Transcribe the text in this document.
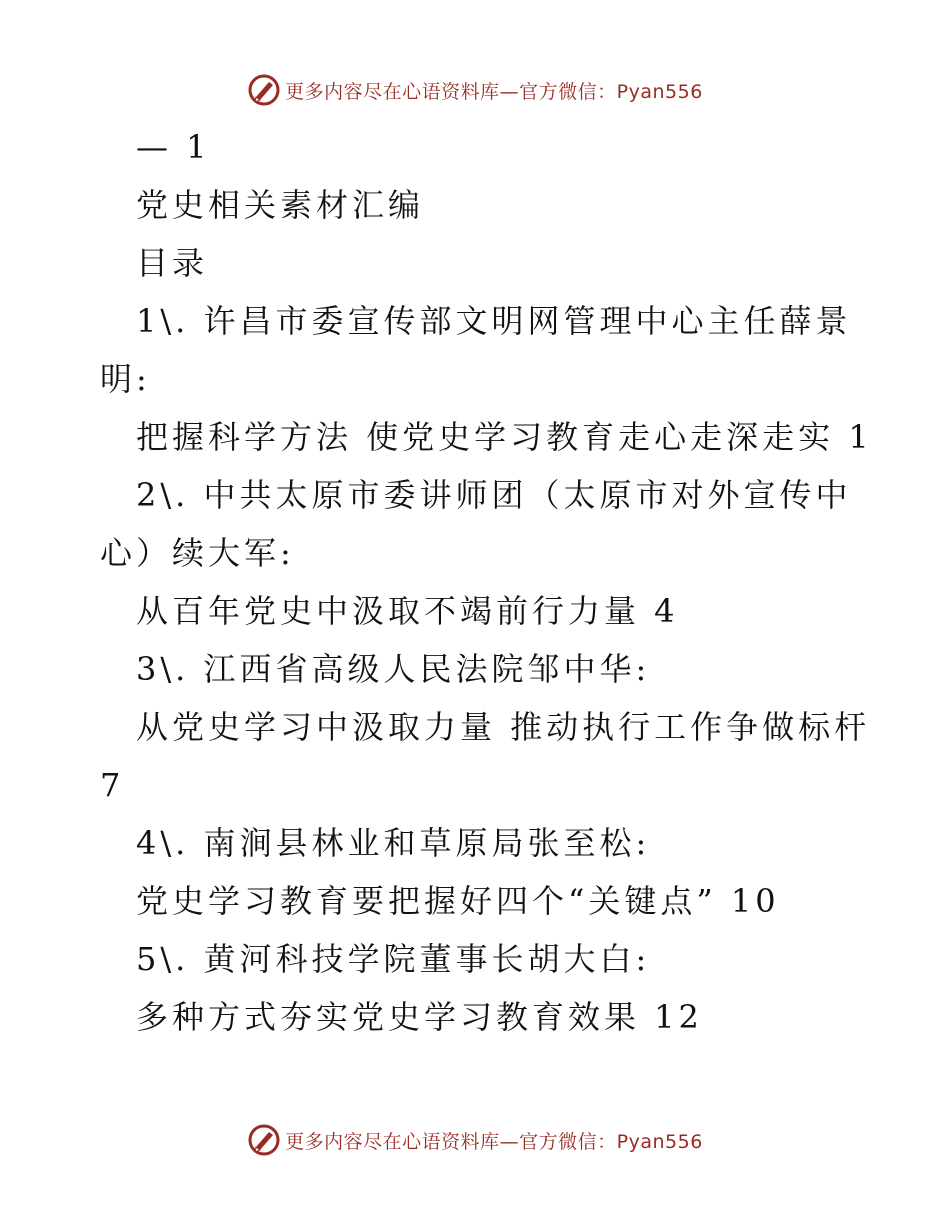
更多内容尽在心语资料库—官方微信：Pyan556
— 1
党史相关素材汇编
目录
1\. 许昌市委宣传部文明网管理中心主任薛景
明:
把握科学方法 使党史学习教育走心走深走实 1
2\. 中共太原市委讲师团（太原市对外宣传中
心）续大军:
从百年党史中汲取不竭前行力量 4
3\. 江西省高级人民法院邹中华:
从党史学习中汲取力量 推动执行工作争做标杆
7
4\. 南涧县林业和草原局张至松:
党史学习教育要把握好四个“关键点” 10
5\. 黄河科技学院董事长胡大白:
多种方式夯实党史学习教育效果 12
更多内容尽在心语资料库—官方微信：Pyan556
